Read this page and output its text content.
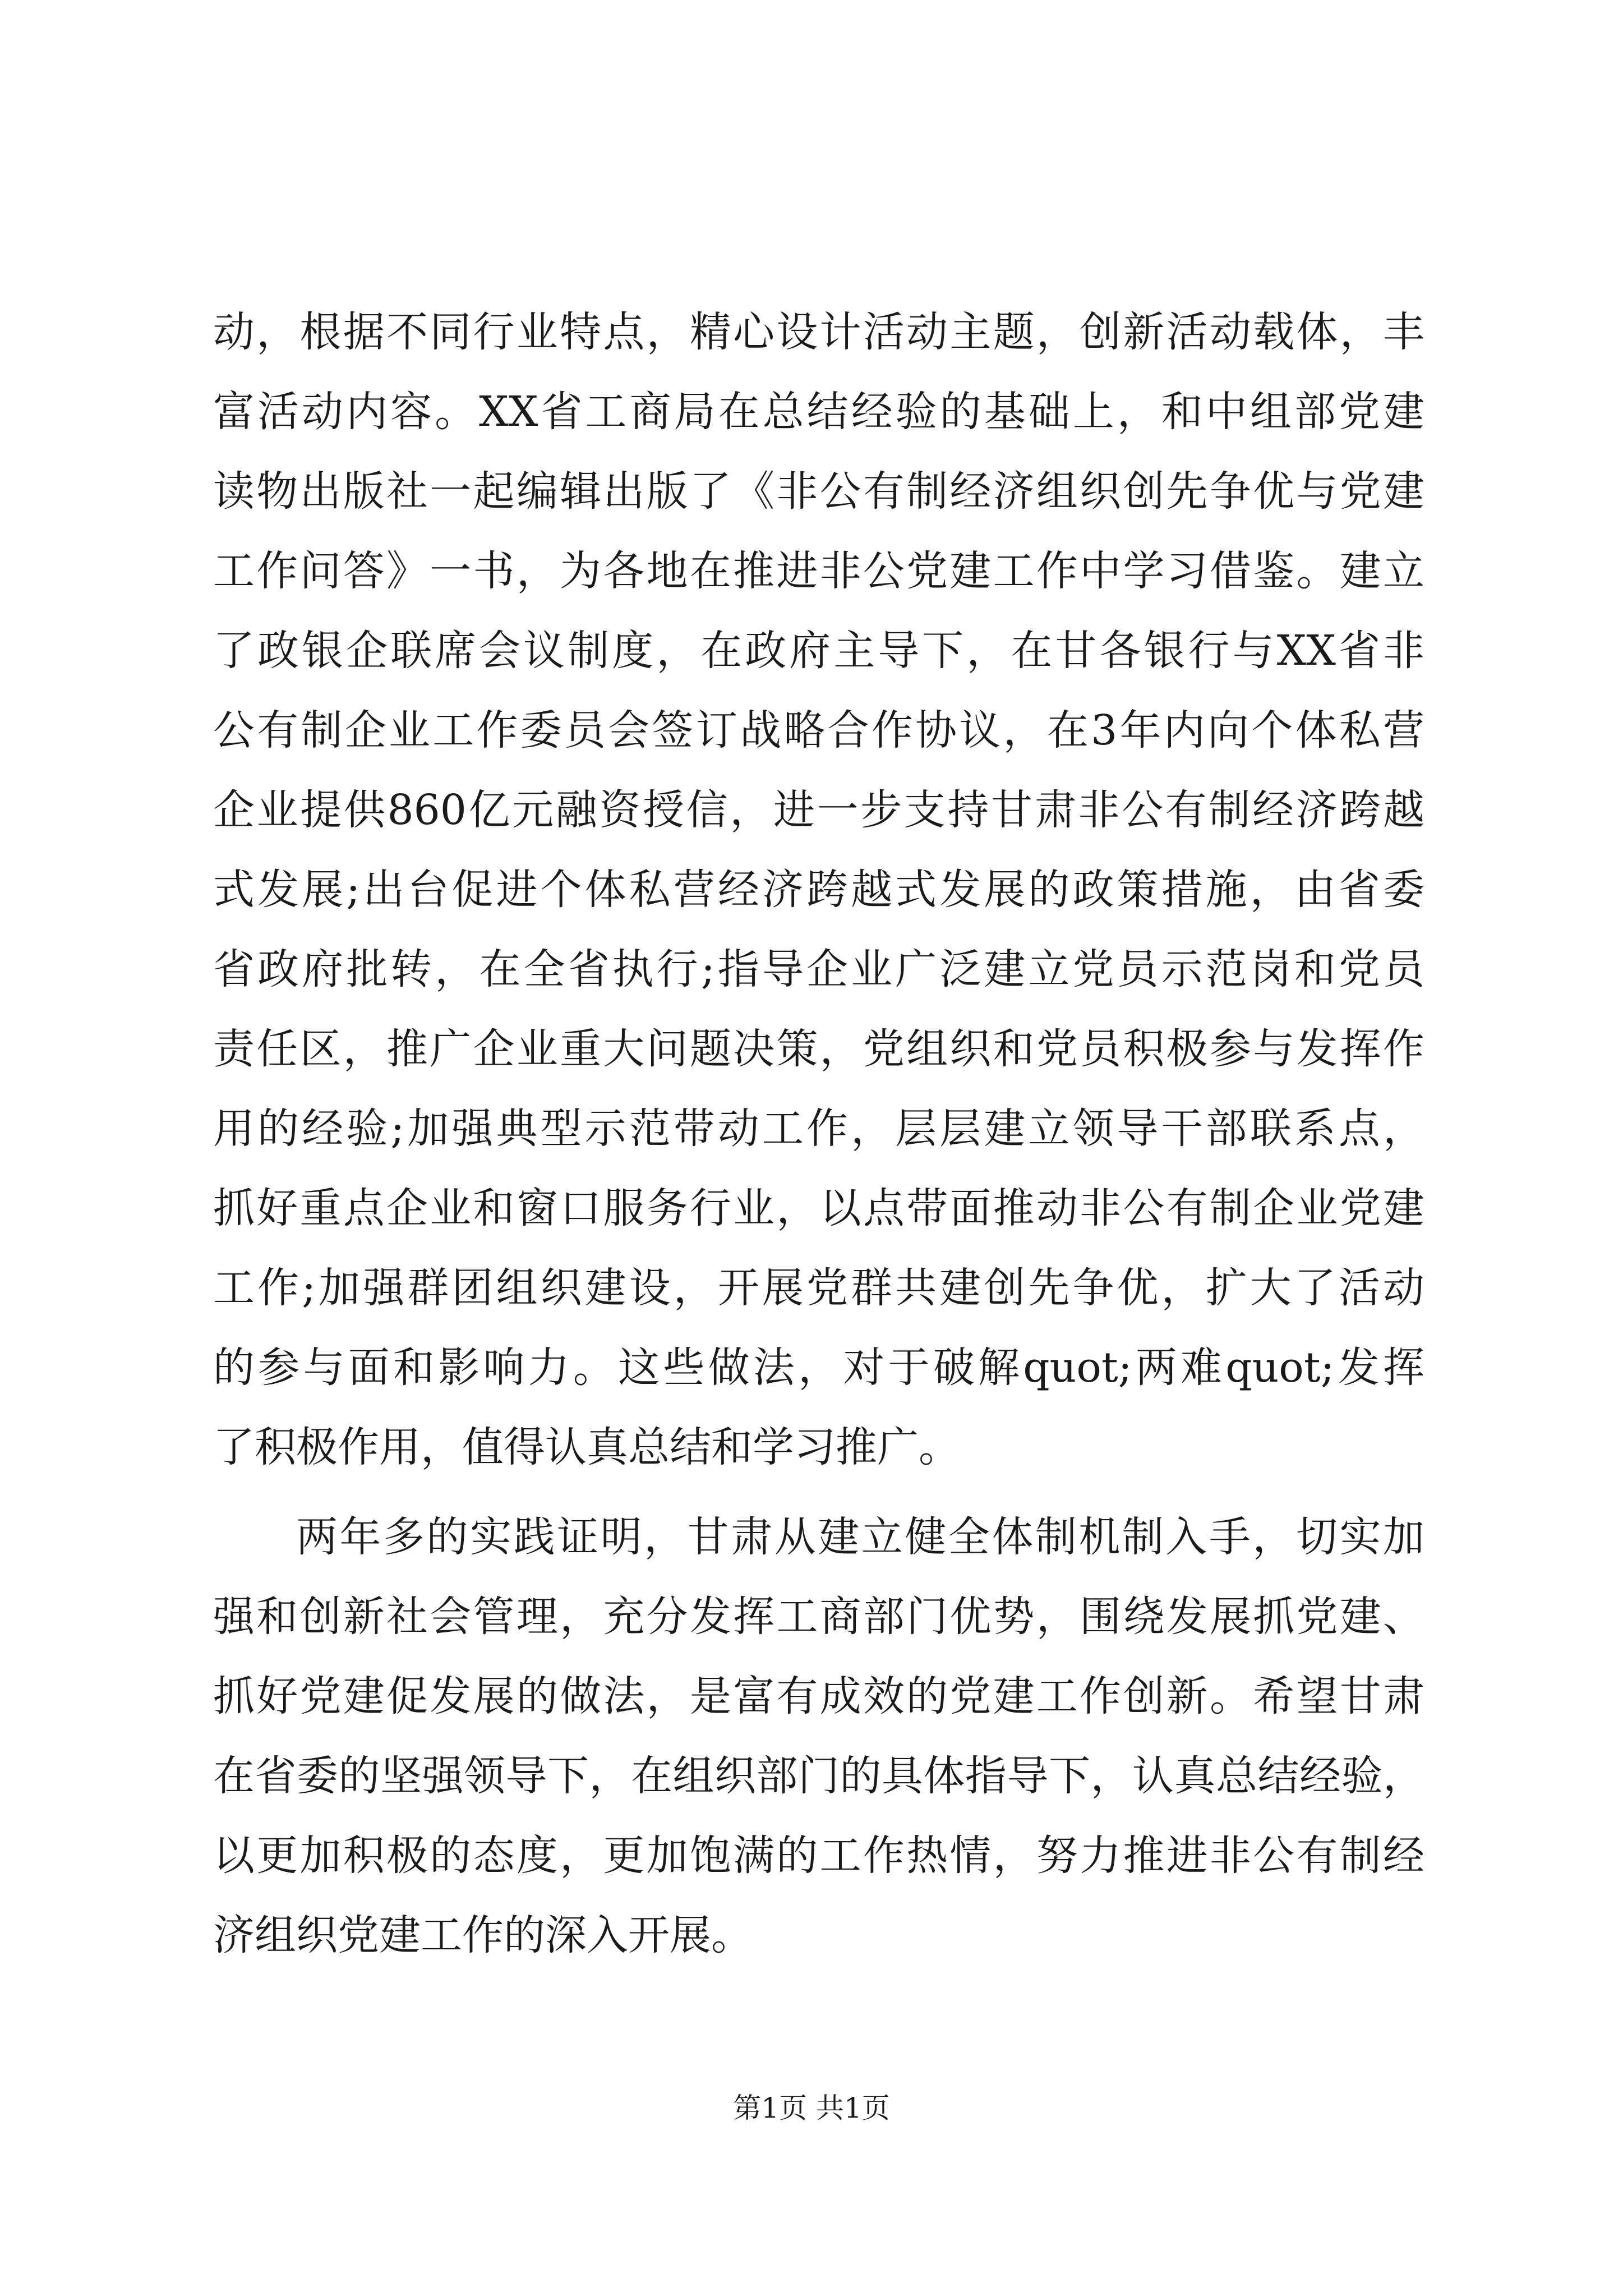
动，根据不同行业特点，精心设计活动主题，创新活动载体，丰
富活动内容。XX省工商局在总结经验的基础上，和中组部党建
读物出版社一起编辑出版了《非公有制经济组织创先争优与党建
工作问答》一书，为各地在推进非公党建工作中学习借鉴。建立
了政银企联席会议制度，在政府主导下，在甘各银行与XX省非
公有制企业工作委员会签订战略合作协议，在3年内向个体私营
企业提供860亿元融资授信，进一步支持甘肃非公有制经济跨越
式发展;出台促进个体私营经济跨越式发展的政策措施，由省委
省政府批转，在全省执行;指导企业广泛建立党员示范岗和党员
责任区，推广企业重大问题决策，党组织和党员积极参与发挥作
用的经验;加强典型示范带动工作，层层建立领导干部联系点，
抓好重点企业和窗口服务行业，以点带面推动非公有制企业党建
工作;加强群团组织建设，开展党群共建创先争优，扩大了活动
的参与面和影响力。这些做法，对于破解quot;两难quot;发挥
了积极作用，值得认真总结和学习推广。
两年多的实践证明，甘肃从建立健全体制机制入手，切实加
强和创新社会管理，充分发挥工商部门优势，围绕发展抓党建、
抓好党建促发展的做法，是富有成效的党建工作创新。希望甘肃
在省委的坚强领导下，在组织部门的具体指导下，认真总结经验，
以更加积极的态度，更加饱满的工作热情，努力推进非公有制经
济组织党建工作的深入开展。
第1页 共1页
